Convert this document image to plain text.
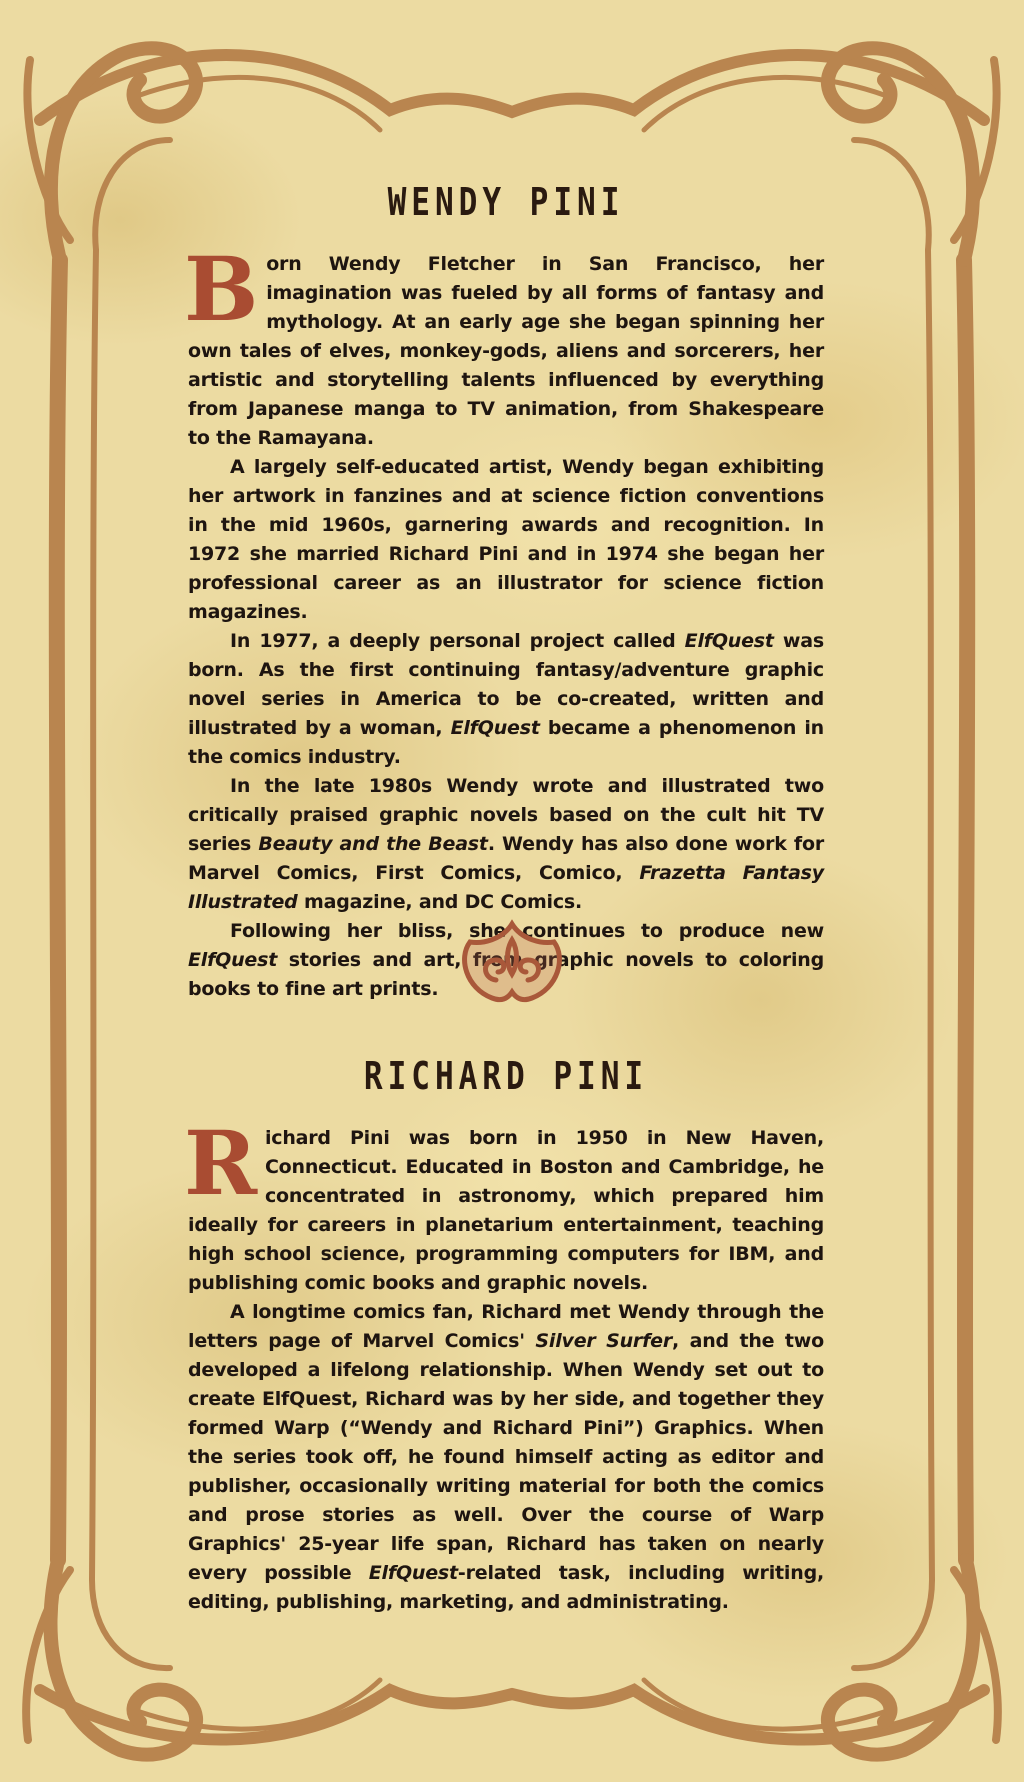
WENDY PINI

Born Wendy Fletcher in San Francisco, her imagination was fueled by all forms of fantasy and mythology. At an early age she began spinning her own tales of elves, monkey-gods, aliens and sorcerers, her artistic and storytelling talents influenced by everything from Japanese manga to TV animation, from Shakespeare to the Ramayana.

A largely self-educated artist, Wendy began exhibiting her artwork in fanzines and at science fiction conventions in the mid 1960s, garnering awards and recognition. In 1972 she married Richard Pini and in 1974 she began her professional career as an illustrator for science fiction magazines.

In 1977, a deeply personal project called ElfQuest was born. As the first continuing fantasy/adventure graphic novel series in America to be co-created, written and illustrated by a woman, ElfQuest became a phenomenon in the comics industry.

In the late 1980s Wendy wrote and illustrated two critically praised graphic novels based on the cult hit TV series Beauty and the Beast. Wendy has also done work for Marvel Comics, First Comics, Comico, Frazetta Fantasy Illustrated magazine, and DC Comics.

Following her bliss, she continues to produce new ElfQuest stories and art, from graphic novels to coloring books to fine art prints.

RICHARD PINI

Richard Pini was born in 1950 in New Haven, Connecticut. Educated in Boston and Cambridge, he concentrated in astronomy, which prepared him ideally for careers in planetarium entertainment, teaching high school science, programming computers for IBM, and publishing comic books and graphic novels.

A longtime comics fan, Richard met Wendy through the letters page of Marvel Comics' Silver Surfer, and the two developed a lifelong relationship. When Wendy set out to create ElfQuest, Richard was by her side, and together they formed Warp (“Wendy and Richard Pini”) Graphics. When the series took off, he found himself acting as editor and publisher, occasionally writing material for both the comics and prose stories as well. Over the course of Warp Graphics' 25-year life span, Richard has taken on nearly every possible ElfQuest-related task, including writing, editing, publishing, marketing, and administrating.
